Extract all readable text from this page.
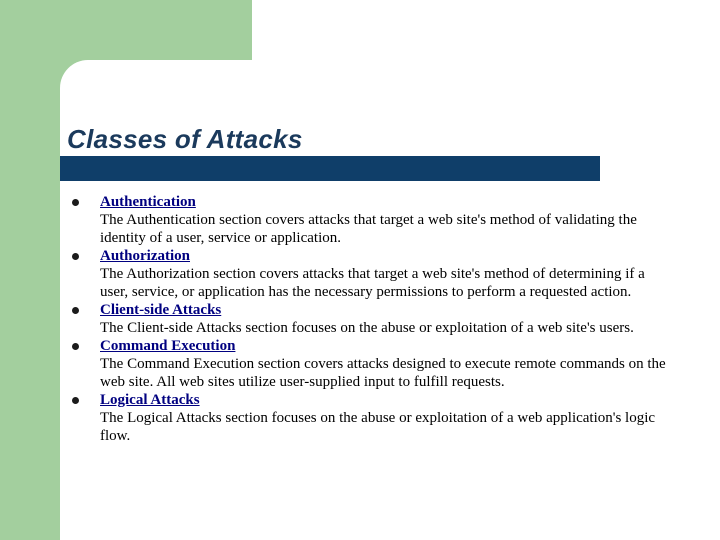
Classes of Attacks
Authentication
The Authentication section covers attacks that target a web site's method of validating the identity of a user, service or application.
Authorization
The Authorization section covers attacks that target a web site's method of determining if a user, service, or application has the necessary permissions to perform a requested action.
Client-side Attacks
The Client-side Attacks section focuses on the abuse or exploitation of a web site's users.
Command Execution
The Command Execution section covers attacks designed to execute remote commands on the web site. All web sites utilize user-supplied input to fulfill requests.
Logical Attacks
The Logical Attacks section focuses on the abuse or exploitation of a web application's logic flow.
